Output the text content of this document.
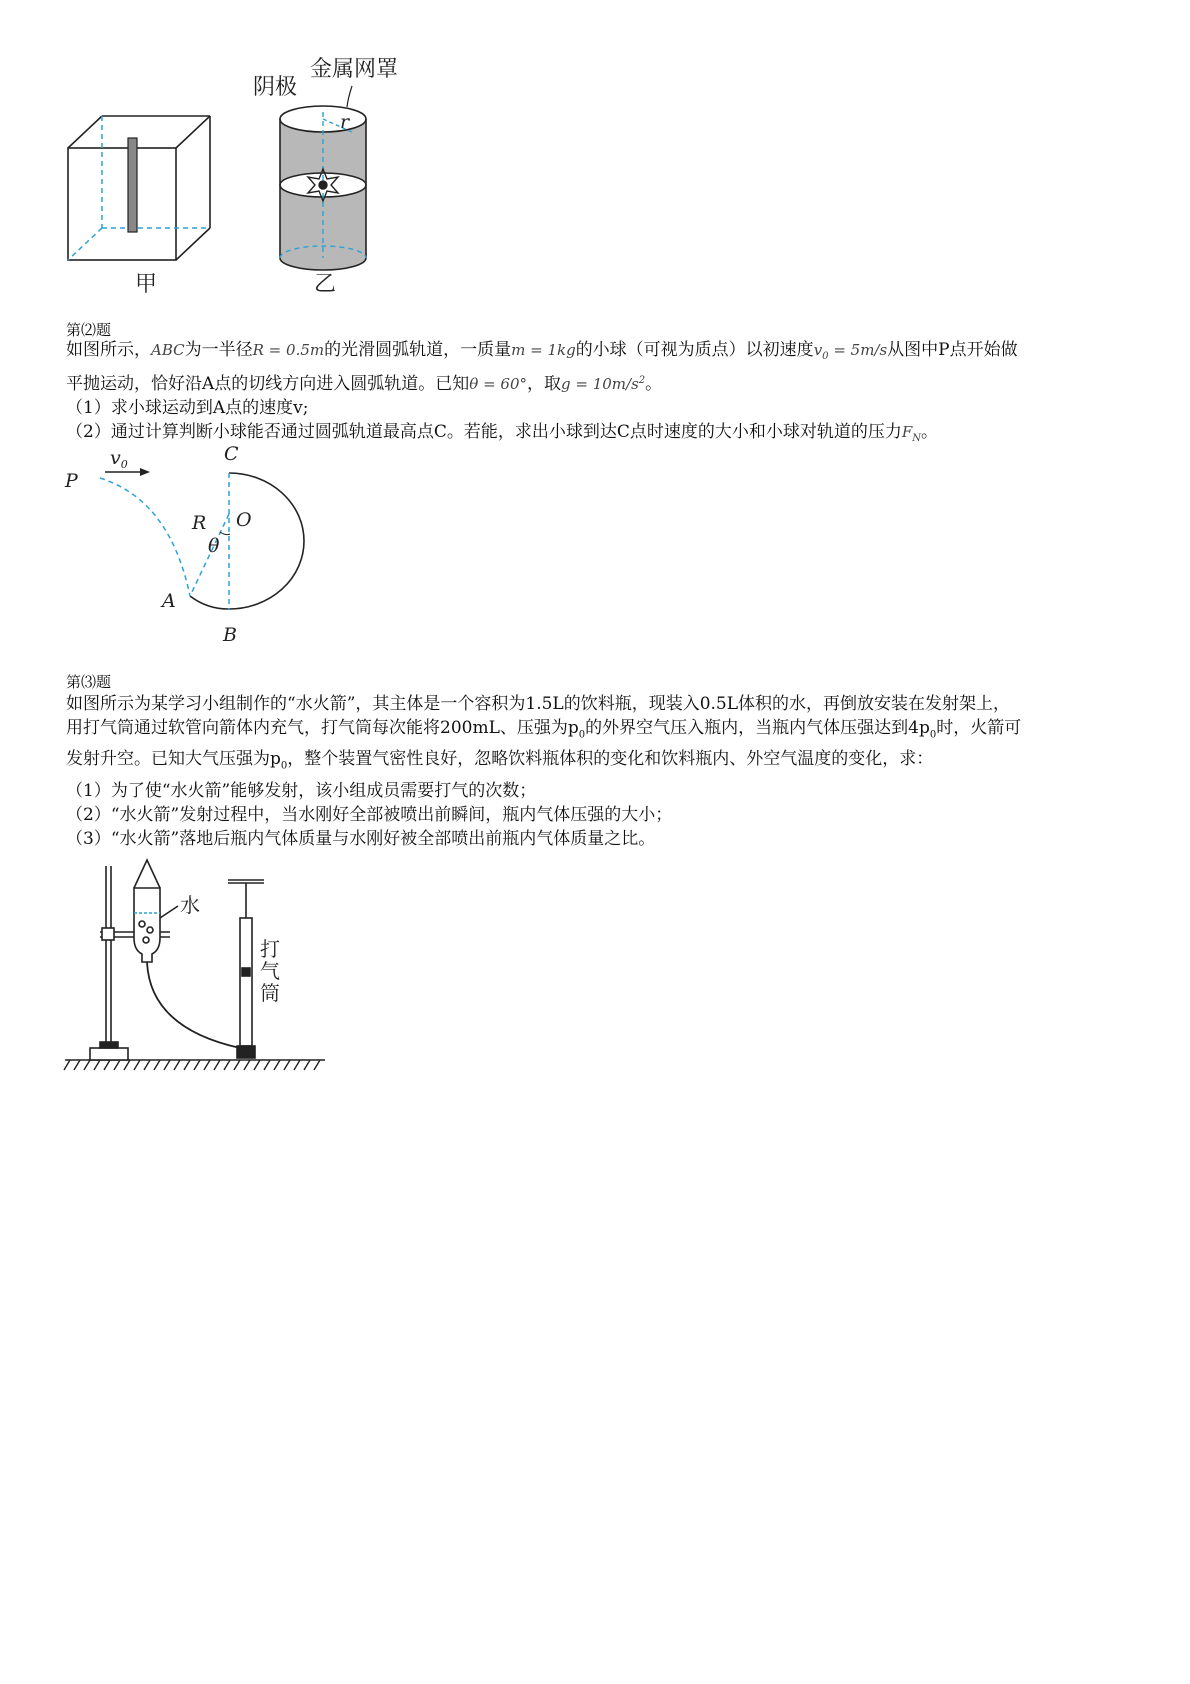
阴极
金属网罩
r
甲	乙
第⑵题

如图所示，ABC为一半径R = 0.5m的光滑圆弧轨道，一质量m = 1kg的小球（可视为质点）以初速度$v_0 = 5m/s$从图中P点开始做

平抛运动，恰好沿A点的切线方向进入圆弧轨道。已知θ = 60°，取$g = 10m/s^2$。

（1）求小球运动到A点的速度v;

（2）通过计算判断小球能否通过圆弧轨道最高点C。若能，求出小球到达C点时速度的大小和小球对轨道的压力$F_N$。

P
$v_0$	C
O
R
θ
A
B
第⑶题

如图所示为某学习小组制作的“水火箭”，其主体是一个容积为1.5L的饮料瓶，现装入0.5L体积的水，再倒放安装在发射架上，

用打气筒通过软管向箭体内充气，打气筒每次能将200mL、压强为$p_0$的外界空气压入瓶内，当瓶内气体压强达到$4p_0$时，火箭可

发射升空。已知大气压强为$p_0$，整个装置气密性良好，忽略饮料瓶体积的变化和饮料瓶内、外空气温度的变化，求：

（1）为了使“水火箭”能够发射，该小组成员需要打气的次数；

（2）“水火箭”发射过程中，当水刚好全部被喷出前瞬间，瓶内气体压强的大小；

（3）“水火箭”落地后瓶内气体质量与水刚好被全部喷出前瓶内气体质量之比。

水
打
气
筒
